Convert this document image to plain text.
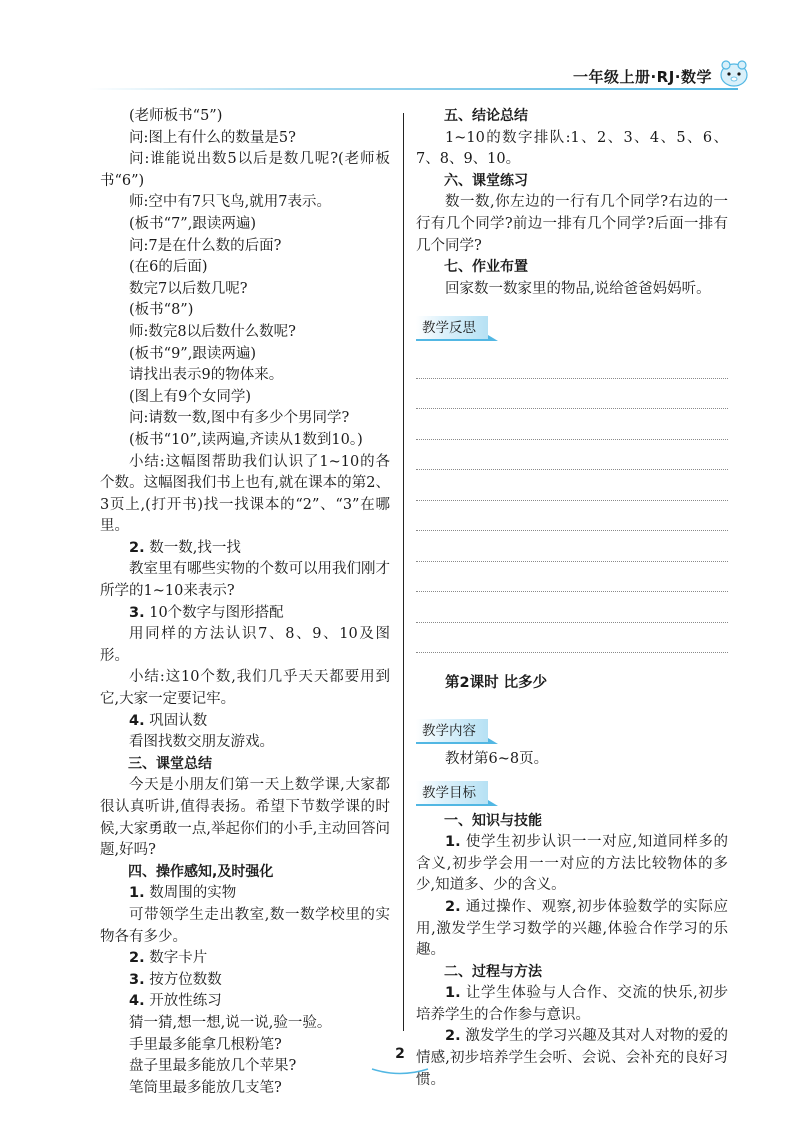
一年级上册·RJ·数学

(老师板书“5”)

问:图上有什么的数量是5?

问:谁能说出数5以后是数几呢?(老师板书“6”)

师:空中有7只飞鸟,就用7表示。

(板书“7”,跟读两遍)

问:7是在什么数的后面?

(在6的后面)

数完7以后数几呢?

(板书“8”)

师:数完8以后数什么数呢?

(板书“9”,跟读两遍)

请找出表示9的物体来。

(图上有9个女同学)

问:请数一数,图中有多少个男同学?

(板书“10”,读两遍,齐读从1数到10。)

小结:这幅图帮助我们认识了1~10的各个数。这幅图我们书上也有,就在课本的第2、3页上,(打开书)找一找课本的“2”、“3”在哪里。

2. 数一数,找一找

教室里有哪些实物的个数可以用我们刚才所学的1~10来表示?

3. 10个数字与图形搭配

用同样的方法认识7、8、9、10及图形。

小结:这10个数,我们几乎天天都要用到它,大家一定要记牢。

4. 巩固认数

看图找数交朋友游戏。

三、课堂总结

今天是小朋友们第一天上数学课,大家都很认真听讲,值得表扬。希望下节数学课的时候,大家勇敢一点,举起你们的小手,主动回答问题,好吗?

四、操作感知,及时强化

1. 数周围的实物

可带领学生走出教室,数一数学校里的实物各有多少。

2. 数字卡片

3. 按方位数数

4. 开放性练习

猜一猜,想一想,说一说,验一验。

手里最多能拿几根粉笔?

盘子里最多能放几个苹果?

笔筒里最多能放几支笔?

五、结论总结

1~10的数字排队:1、2、3、4、5、6、7、8、9、10。

六、课堂练习

数一数,你左边的一行有几个同学?右边的一行有几个同学?前边一排有几个同学?后面一排有几个同学?

七、作业布置

回家数一数家里的物品,说给爸爸妈妈听。

教学反思

第2课时 比多少

教学内容

教材第6~8页。

教学目标

一、知识与技能

1. 使学生初步认识一一对应,知道同样多的含义,初步学会用一一对应的方法比较物体的多少,知道多、少的含义。

2. 通过操作、观察,初步体验数学的实际应用,激发学生学习数学的兴趣,体验合作学习的乐趣。

二、过程与方法

1. 让学生体验与人合作、交流的快乐,初步培养学生的合作参与意识。

2. 激发学生的学习兴趣及其对人对物的爱的情感,初步培养学生会听、会说、会补充的良好习惯。

2
